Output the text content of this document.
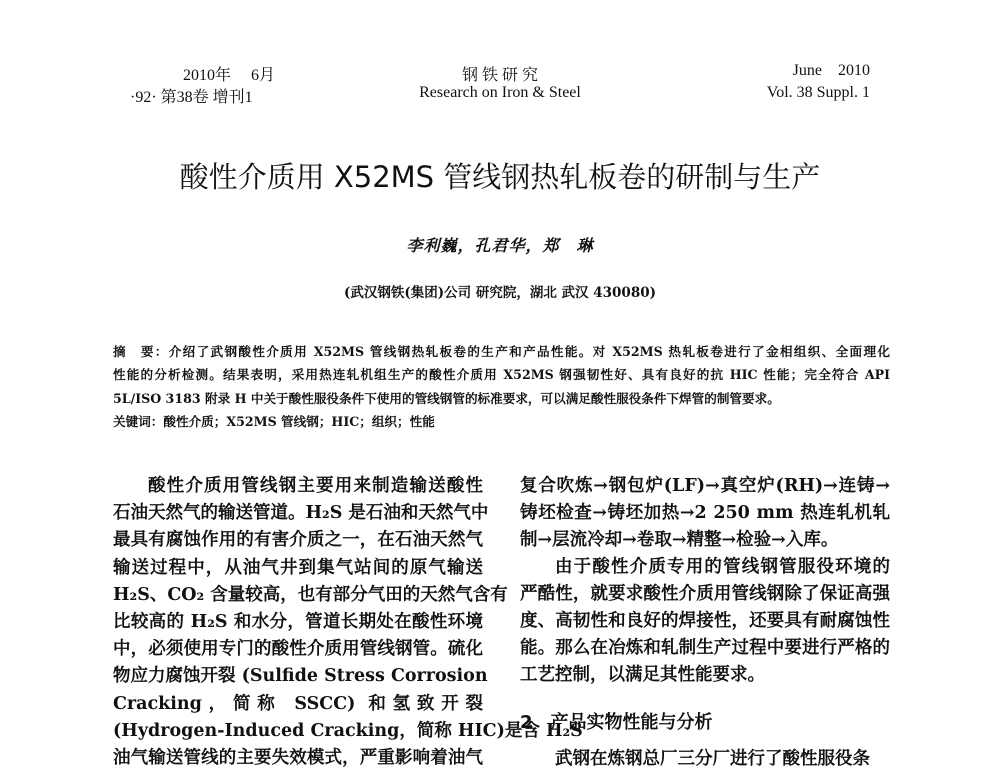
2010年　 6月
·92· 第38卷 增刊1
钢 铁 研 究
Research on Iron & Steel
June    2010
Vol. 38 Suppl. 1
酸性介质用 X52MS 管线钢热轧板卷的研制与生产
李利巍，孔君华，郑　琳
(武汉钢铁(集团)公司 研究院，湖北 武汉 430080)
摘　要：介绍了武钢酸性介质用 X52MS 管线钢热轧板卷的生产和产品性能。对 X52MS 热轧板卷进行了金相组织、全面理化
性能的分析检测。结果表明，采用热连轧机组生产的酸性介质用 X52MS 钢强韧性好、具有良好的抗 HIC 性能；完全符合 API
5L/ISO 3183 附录 H 中关于酸性服役条件下使用的管线钢管的标准要求，可以满足酸性服役条件下焊管的制管要求。
关键词：酸性介质；X52MS 管线钢；HIC；组织；性能
酸性介质用管线钢主要用来制造输送酸性
石油天然气的输送管道。H₂S 是石油和天然气中
最具有腐蚀作用的有害介质之一，在石油天然气
输送过程中，从油气井到集气站间的原气输送
H₂S、CO₂ 含量较高，也有部分气田的天然气含有
比较高的 H₂S 和水分，管道长期处在酸性环境
中，必须使用专门的酸性介质用管线钢管。硫化
物应力腐蚀开裂 (Sulfide Stress Corrosion
Cracking，简称 SSCC) 和氢致开裂
(Hydrogen-Induced Cracking，简称 HIC)是含 H₂S
油气输送管线的主要失效模式，严重影响着油气
复合吹炼→钢包炉(LF)→真空炉(RH)→连铸→
铸坯检查→铸坯加热→2 250 mm 热连轧机轧
制→层流冷却→卷取→精整→检验→入库。
由于酸性介质专用的管线钢管服役环境的
严酷性，就要求酸性介质用管线钢除了保证高强
度、高韧性和良好的焊接性，还要具有耐腐蚀性
能。那么在冶炼和轧制生产过程中要进行严格的
工艺控制，以满足其性能要求。
2　产品实物性能与分析
武钢在炼钢总厂三分厂进行了酸性服役条
